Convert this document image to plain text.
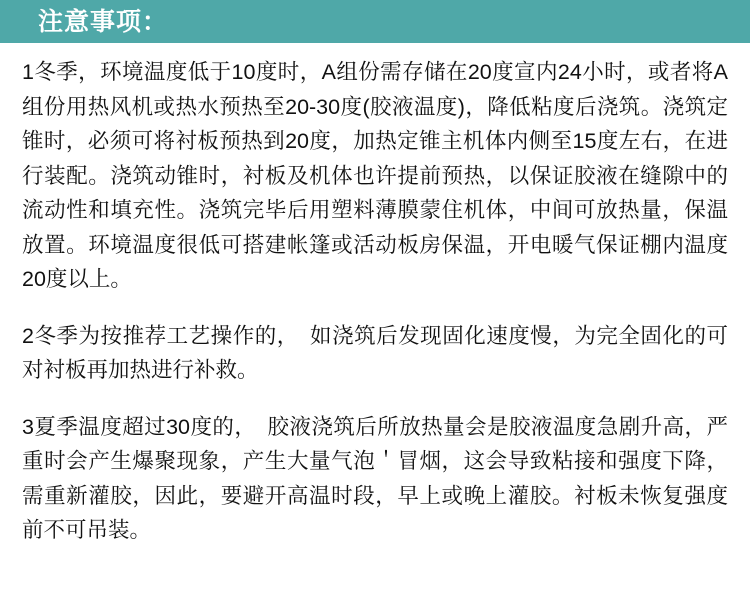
注意事项：

1冬季，环境温度低于10度时，A组份需存储在20度宣内24小时，或者将A组份用热风机或热水预热至20-30度(胶液温度)，降低粘度后浇筑。浇筑定锥时，必须可将衬板预热到20度，加热定锥主机体内侧至15度左右，在进行装配。浇筑动锥时，衬板及机体也许提前预热，以保证胶液在缝隙中的流动性和填充性。浇筑完毕后用塑料薄膜蒙住机体，中间可放热量，保温放置。环境温度很低可搭建帐篷或活动板房保温，开电暖气保证棚内温度20度以上。

2冬季为按推荐工艺操作的，　如浇筑后发现固化速度慢，为完全固化的可对衬板再加热进行补救。

3夏季温度超过30度的，　胶液浇筑后所放热量会是胶液温度急剧升高，严重时会产生爆聚现象，产生大量气泡＇冒烟，这会导致粘接和强度下降，需重新灌胶，因此，要避开高温时段，早上或晚上灌胶。衬板未恢复强度前不可吊装。
